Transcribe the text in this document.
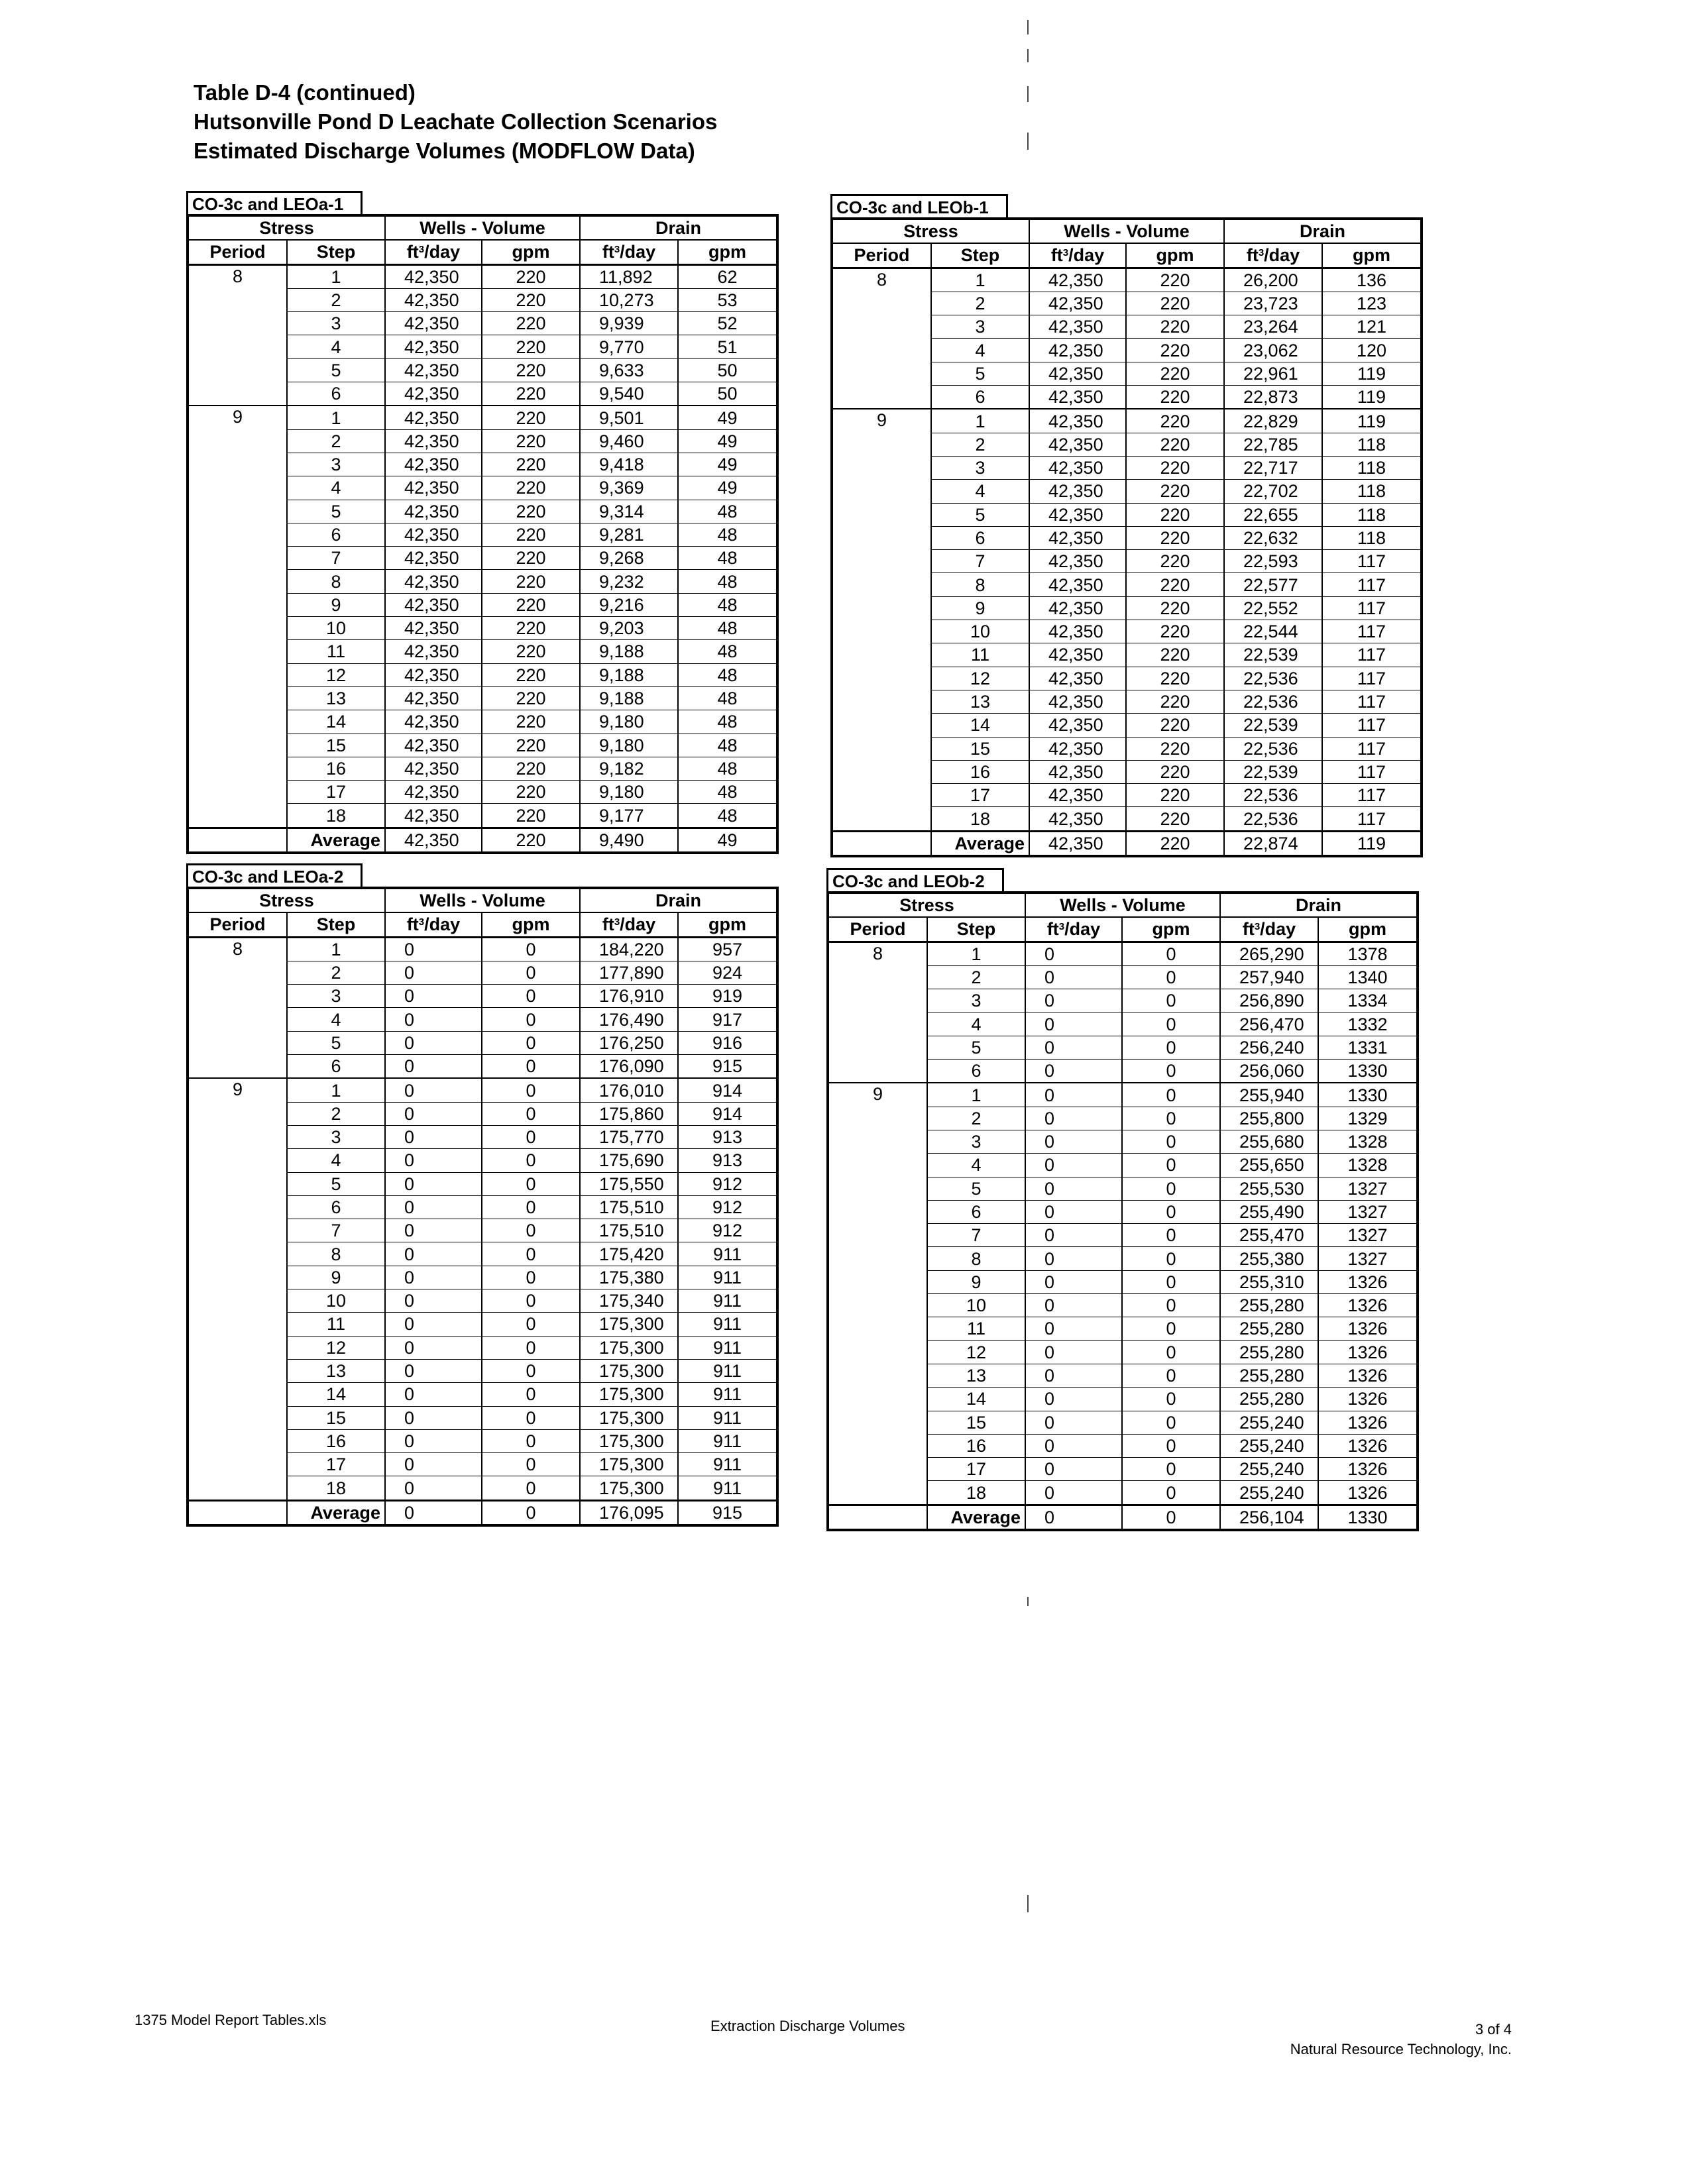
Table D-4 (continued)
Hutsonville Pond D Leachate Collection Scenarios
Estimated Discharge Volumes (MODFLOW Data)
CO-3c and LEOa-1
Stress		Wells - Volume		Drain	
Period	Step	$ft^3$/day	gpm	$ft^3$/day	gpm
8	1	42,350	220	11,892	62
	2	42,350	220	10,273	53
	3	42,350	220	9,939	52
	4	42,350	220	9,770	51
	5	42,350	220	9,633	50
	6	42,350	220	9,540	50
9	1	42,350	220	9,501	49
	2	42,350	220	9,460	49
	3	42,350	220	9,418	49
	4	42,350	220	9,369	49
	5	42,350	220	9,314	48
	6	42,350	220	9,281	48
	7	42,350	220	9,268	48
	8	42,350	220	9,232	48
	9	42,350	220	9,216	48
	10	42,350	220	9,203	48
	11	42,350	220	9,188	48
	12	42,350	220	9,188	48
	13	42,350	220	9,188	48
	14	42,350	220	9,180	48
	15	42,350	220	9,180	48
	16	42,350	220	9,182	48
	17	42,350	220	9,180	48
	18	42,350	220	9,177	48
	Average	42,350	220	9,490	49
CO-3c and LEOb-1
Stress		Wells - Volume		Drain	
Period	Step	$ft^3$/day	gpm	$ft^3$/day	gpm
8	1	42,350	220	26,200	136
	2	42,350	220	23,723	123
	3	42,350	220	23,264	121
	4	42,350	220	23,062	120
	5	42,350	220	22,961	119
	6	42,350	220	22,873	119
9	1	42,350	220	22,829	119
	2	42,350	220	22,785	118
	3	42,350	220	22,717	118
	4	42,350	220	22,702	118
	5	42,350	220	22,655	118
	6	42,350	220	22,632	118
	7	42,350	220	22,593	117
	8	42,350	220	22,577	117
	9	42,350	220	22,552	117
	10	42,350	220	22,544	117
	11	42,350	220	22,539	117
	12	42,350	220	22,536	117
	13	42,350	220	22,536	117
	14	42,350	220	22,539	117
	15	42,350	220	22,536	117
	16	42,350	220	22,539	117
	17	42,350	220	22,536	117
	18	42,350	220	22,536	117
	Average	42,350	220	22,874	119
CO-3c and LEOa-2
Stress		Wells - Volume		Drain	
Period	Step	$ft^3$/day	gpm	$ft^3$/day	gpm
8	1	0	0	184,220	957
	2	0	0	177,890	924
	3	0	0	176,910	919
	4	0	0	176,490	917
	5	0	0	176,250	916
	6	0	0	176,090	915
9	1	0	0	176,010	914
	2	0	0	175,860	914
	3	0	0	175,770	913
	4	0	0	175,690	913
	5	0	0	175,550	912
	6	0	0	175,510	912
	7	0	0	175,510	912
	8	0	0	175,420	911
	9	0	0	175,380	911
	10	0	0	175,340	911
	11	0	0	175,300	911
	12	0	0	175,300	911
	13	0	0	175,300	911
	14	0	0	175,300	911
	15	0	0	175,300	911
	16	0	0	175,300	911
	17	0	0	175,300	911
	18	0	0	175,300	911
	Average	0	0	176,095	915
CO-3c and LEOb-2
Stress		Wells - Volume		Drain	
Period	Step	$ft^3$/day	gpm	$ft^3$/day	gpm
8	1	0	0	265,290	1378
	2	0	0	257,940	1340
	3	0	0	256,890	1334
	4	0	0	256,470	1332
	5	0	0	256,240	1331
	6	0	0	256,060	1330
9	1	0	0	255,940	1330
	2	0	0	255,800	1329
	3	0	0	255,680	1328
	4	0	0	255,650	1328
	5	0	0	255,530	1327
	6	0	0	255,490	1327
	7	0	0	255,470	1327
	8	0	0	255,380	1327
	9	0	0	255,310	1326
	10	0	0	255,280	1326
	11	0	0	255,280	1326
	12	0	0	255,280	1326
	13	0	0	255,280	1326
	14	0	0	255,280	1326
	15	0	0	255,240	1326
	16	0	0	255,240	1326
	17	0	0	255,240	1326
	18	0	0	255,240	1326
	Average	0	0	256,104	1330
1375 Model Report Tables.xls	Extraction Discharge Volumes	3 of 4
Natural Resource Technology, Inc.
